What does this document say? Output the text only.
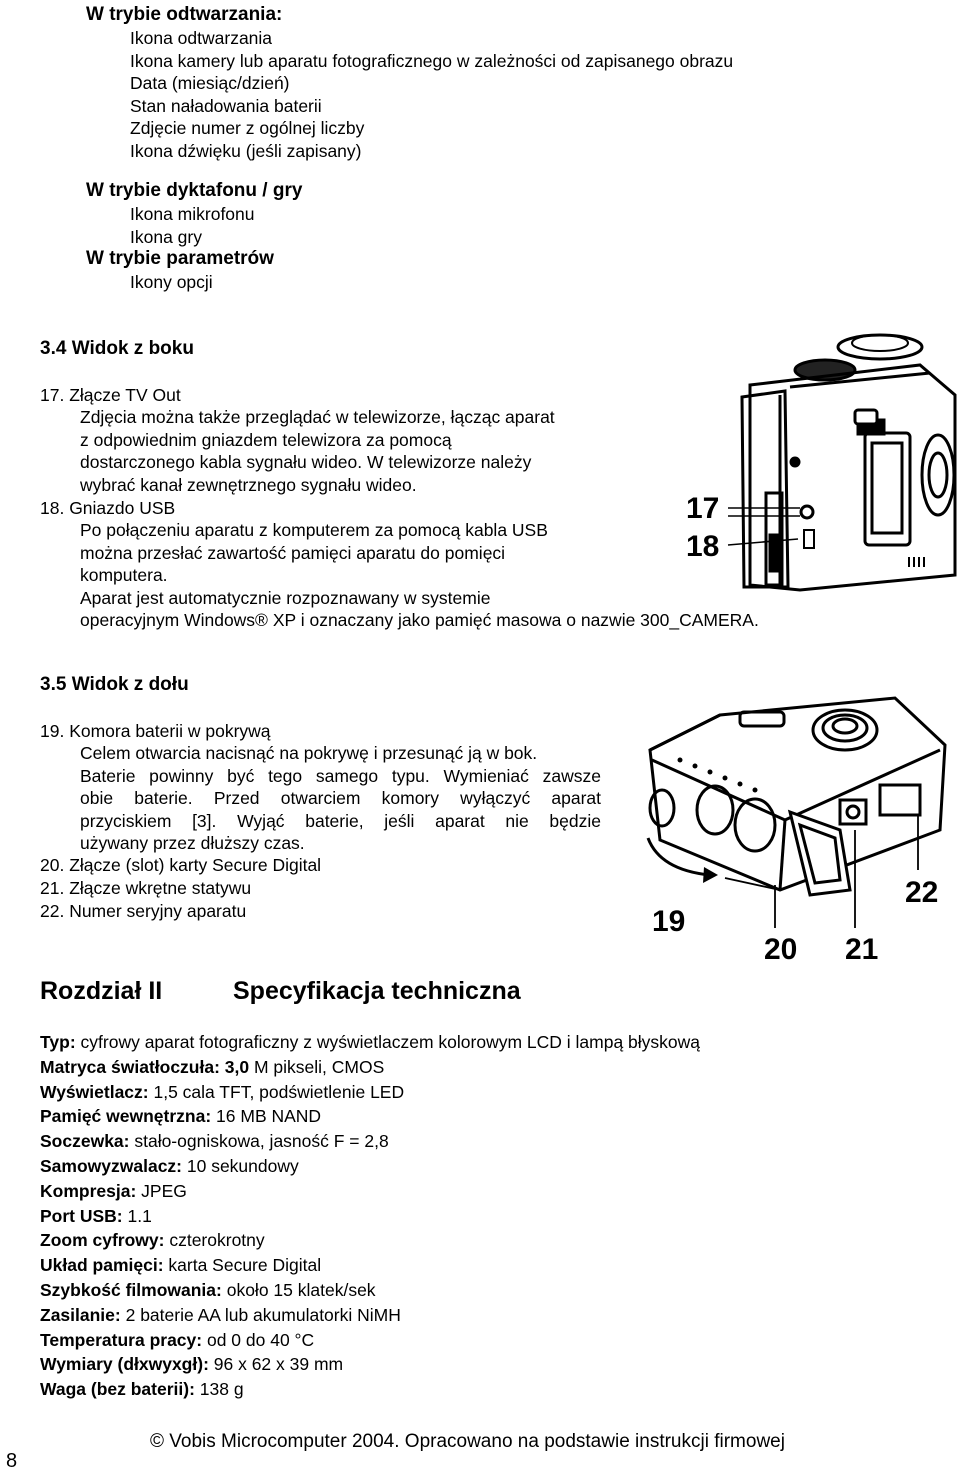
W trybie odtwarzania:
Ikona odtwarzania
Ikona kamery lub aparatu fotograficznego w zależności od zapisanego obrazu
Data (miesiąc/dzień)
Stan naładowania baterii
Zdjęcie numer z ogólnej liczby
Ikona dźwięku (jeśli zapisany)
W trybie dyktafonu / gry
Ikona mikrofonu
Ikona gry
W trybie parametrów
Ikony opcji
3.4 Widok z boku
17. Złącze TV Out
Zdjęcia można także przeglądać w telewizorze, łącząc aparat
z odpowiednim gniazdem telewizora za pomocą
dostarczonego kabla sygnału wideo. W telewizorze należy
wybrać kanał zewnętrznego sygnału wideo.
18. Gniazdo USB
Po połączeniu aparatu z komputerem za pomocą kabla USB
można przesłać zawartość pamięci aparatu do pomięci
komputera.
Aparat jest automatycznie rozpoznawany w systemie
operacyjnym Windows® XP i oznaczany jako pamięć masowa o nazwie 300_CAMERA.
17
18
3.5 Widok z dołu
19. Komora baterii w pokrywą
Celem otwarcia nacisnąć na pokrywę i przesunąć ją w bok.
Baterie powinny być tego samego typu. Wymieniać zawsze
obie baterie. Przed otwarciem komory wyłączyć aparat
przyciskiem [3]. Wyjąć baterie, jeśli aparat nie będzie
używany przez dłuższy czas.
20. Złącze (slot) karty Secure Digital
21. Złącze wkrętne statywu
22. Numer seryjny aparatu	19
20 21
22
Rozdział II	Specyfikacja techniczna
Typ: cyfrowy aparat fotograficzny z wyświetlaczem kolorowym LCD i lampą błyskową
Matryca światłoczuła: 3,0 M pikseli, CMOS
Wyświetlacz: 1,5 cala TFT, podświetlenie LED
Pamięć wewnętrzna: 16 MB NAND
Soczewka: stało-ogniskowa, jasność F = 2,8
Samowyzwalacz: 10 sekundowy
Kompresja: JPEG
Port USB: 1.1
Zoom cyfrowy: czterokrotny
Układ pamięci: karta Secure Digital
Szybkość filmowania: około 15 klatek/sek
Zasilanie: 2 baterie AA lub akumulatorki NiMH
Temperatura pracy: od 0 do 40 °C
Wymiary (dłxwyxgł): 96 x 62 x 39 mm
Waga (bez baterii): 138 g
8
© Vobis Microcomputer 2004. Opracowano na podstawie instrukcji firmowej
